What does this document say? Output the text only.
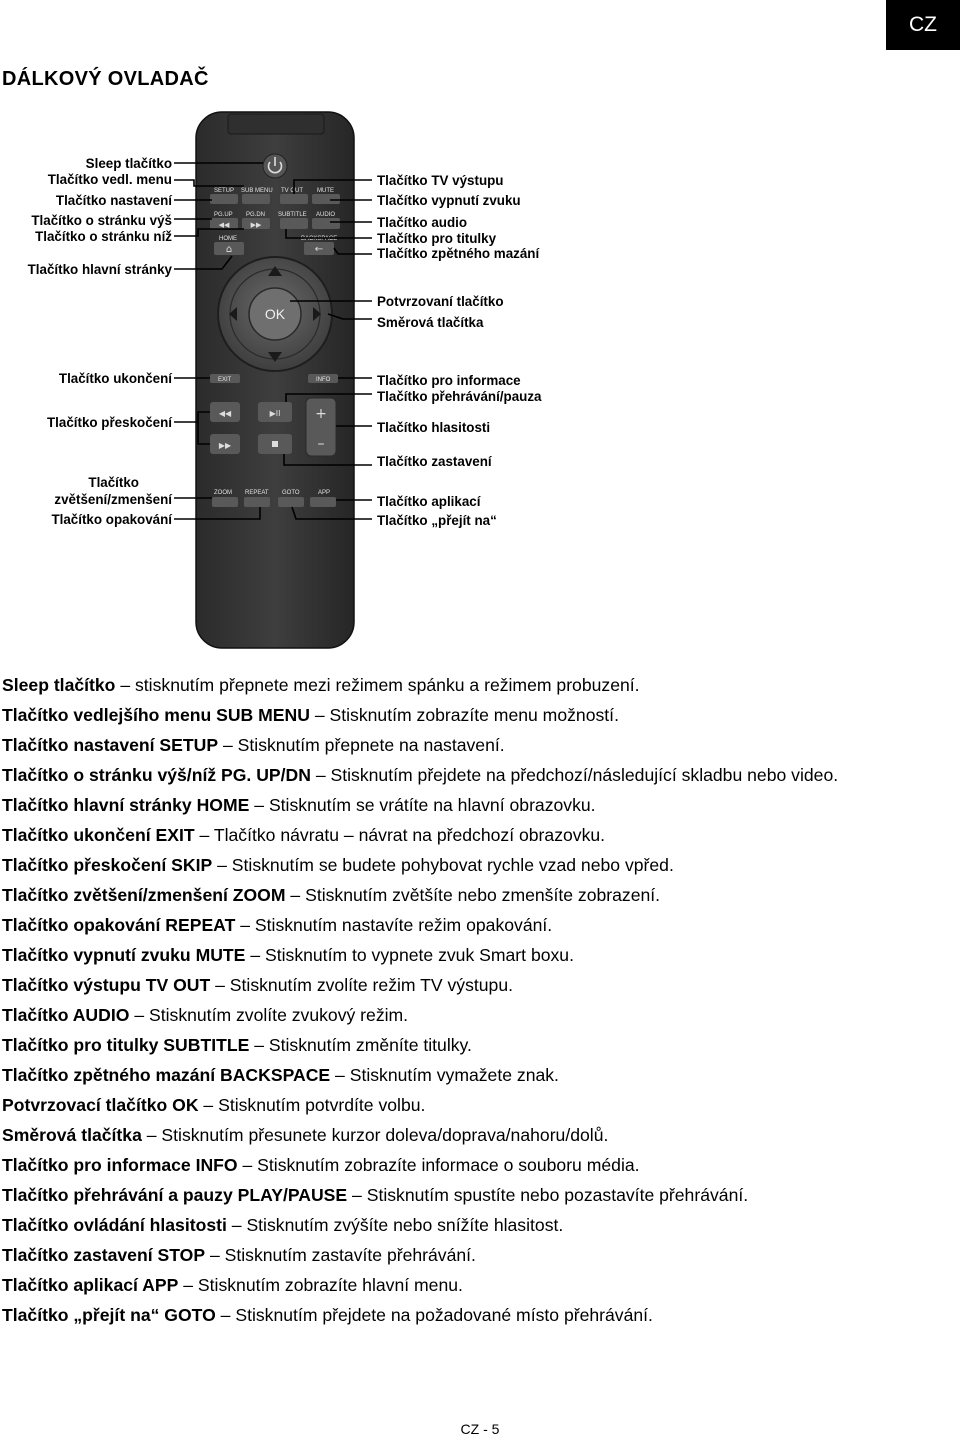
CZ
DÁLKOVÝ OVLADAČ
SETUP SUB MENU TV OUT MUTE
PG.UP PG.DN SUBTITLE AUDIO
◀◀	▶▶
HOME	BACKSPACE
⌂	←
OK
EXIT	INFO
◀◀	▶II
▶▶
+
–
ZOOM REPEAT GOTO	APP
Sleep tlačítko
Tlačítko vedl. menu
Tlačítko nastavení
Tlačítko o stránku výš
Tlačítko o stránku níž
Tlačítko hlavní stránky
Tlačítko ukončení
Tlačítko přeskočení
Tlačítko
zvětšení/zmenšení
Tlačítko opakování
Tlačítko TV výstupu
Tlačítko vypnutí zvuku
Tlačítko audio
Tlačítko pro titulky
Tlačítko zpětného mazání
Potvrzovaní tlačítko
Směrová tlačítka
Tlačítko pro informace
Tlačítko přehrávání/pauza
Tlačítko hlasitosti
Tlačítko zastavení
Tlačítko aplikací
Tlačítko „přejít na“

Sleep tlačítko – stisknutím přepnete mezi režimem spánku a režimem probuzení.

Tlačítko vedlejšího menu SUB MENU – Stisknutím zobrazíte menu možností.

Tlačítko nastavení SETUP – Stisknutím přepnete na nastavení.

Tlačítko o stránku výš/níž PG. UP/DN – Stisknutím přejdete na předchozí/následující skladbu nebo video.

Tlačítko hlavní stránky HOME – Stisknutím se vrátíte na hlavní obrazovku.

Tlačítko ukončení EXIT – Tlačítko návratu – návrat na předchozí obrazovku.

Tlačítko přeskočení SKIP – Stisknutím se budete pohybovat rychle vzad nebo vpřed.

Tlačítko zvětšení/zmenšení ZOOM – Stisknutím zvětšíte nebo zmenšíte zobrazení.

Tlačítko opakování REPEAT – Stisknutím nastavíte režim opakování.

Tlačítko vypnutí zvuku MUTE – Stisknutím to vypnete zvuk Smart boxu.

Tlačítko výstupu TV OUT – Stisknutím zvolíte režim TV výstupu.

Tlačítko AUDIO – Stisknutím zvolíte zvukový režim.

Tlačítko pro titulky SUBTITLE – Stisknutím změníte titulky.

Tlačítko zpětného mazání BACKSPACE – Stisknutím vymažete znak.

Potvrzovací tlačítko OK – Stisknutím potvrdíte volbu.

Směrová tlačítka – Stisknutím přesunete kurzor doleva/doprava/nahoru/dolů.

Tlačítko pro informace INFO – Stisknutím zobrazíte informace o souboru média.

Tlačítko přehrávání a pauzy PLAY/PAUSE – Stisknutím spustíte nebo pozastavíte přehrávání.

Tlačítko ovládání hlasitosti – Stisknutím zvýšíte nebo snížíte hlasitost.

Tlačítko zastavení STOP – Stisknutím zastavíte přehrávání.

Tlačítko aplikací APP – Stisknutím zobrazíte hlavní menu.

Tlačítko „přejít na“ GOTO – Stisknutím přejdete na požadované místo přehrávání.

CZ - 5
